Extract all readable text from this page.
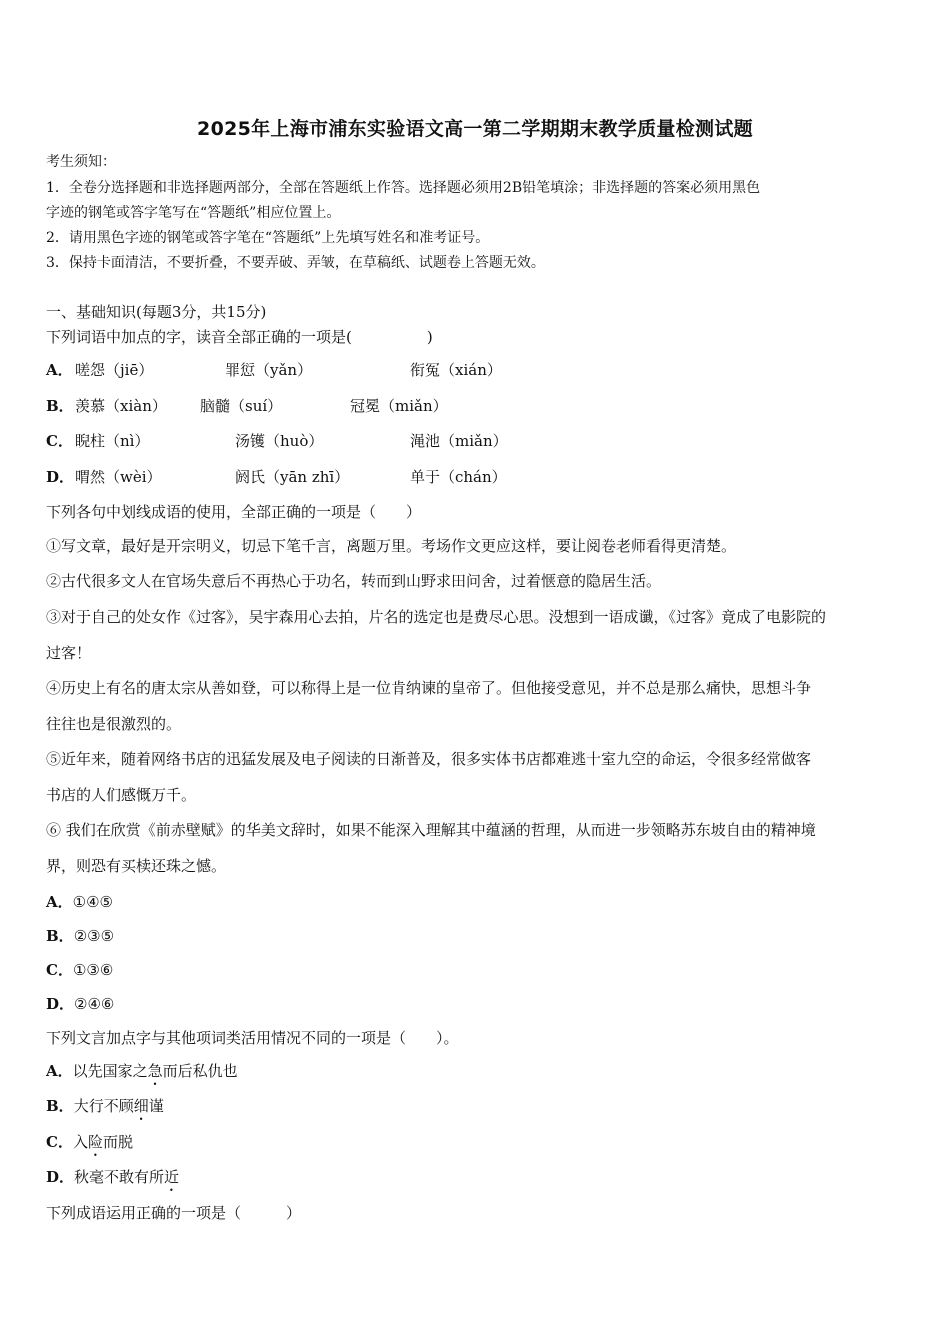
2025年上海市浦东实验语文高一第二学期期末教学质量检测试题
考生须知：
1．全卷分选择题和非选择题两部分，全部在答题纸上作答。选择题必须用2B铅笔填涂；非选择题的答案必须用黑色
字迹的钢笔或答字笔写在“答题纸”相应位置上。
2．请用黑色字迹的钢笔或答字笔在“答题纸”上先填写姓名和准考证号。
3．保持卡面清洁，不要折叠，不要弄破、弄皱，在草稿纸、试题卷上答题无效。
一、基础知识(每题3分，共15分)
下列词语中加点的字，读音全部正确的一项是(　　　　　)
A． 嗟怨（jiē）	罪愆（yǎn）	衔冤（xián）
B． 羡慕（xiàn） 脑髓（suí）	冠冕（miǎn）
C． 睨柱（nì）	汤镬（huò）	渑池（miǎn）
D． 喟然（wèi）	阏氏（yān zhī）	单于（chán）
下列各句中划线成语的使用，全部正确的一项是（　　）
①写文章，最好是开宗明义，切忌下笔千言，离题万里。考场作文更应这样，要让阅卷老师看得更清楚。
②古代很多文人在官场失意后不再热心于功名，转而到山野求田问舍，过着惬意的隐居生活。
③对于自己的处女作《过客》，吴宇森用心去拍，片名的选定也是费尽心思。没想到一语成谶，《过客》竟成了电影院的
过客！
④历史上有名的唐太宗从善如登，可以称得上是一位肯纳谏的皇帝了。但他接受意见，并不总是那么痛快，思想斗争
往往也是很激烈的。
⑤近年来，随着网络书店的迅猛发展及电子阅读的日渐普及，很多实体书店都难逃十室九空的命运，令很多经常做客
书店的人们感慨万千。
⑥ 我们在欣赏《前赤壁赋》的华美文辞时，如果不能深入理解其中蕴涵的哲理，从而进一步领略苏东坡自由的精神境
界，则恐有买椟还珠之憾。
A．①④⑤
B．②③⑤
C．①③⑥
D．②④⑥
下列文言加点字与其他项词类活用情况不同的一项是（　　）。
A．以先国家之急而后私仇也
B．大行不顾细谨
C．入险而脱
D．秋毫不敢有所近
下列成语运用正确的一项是（　　　）
